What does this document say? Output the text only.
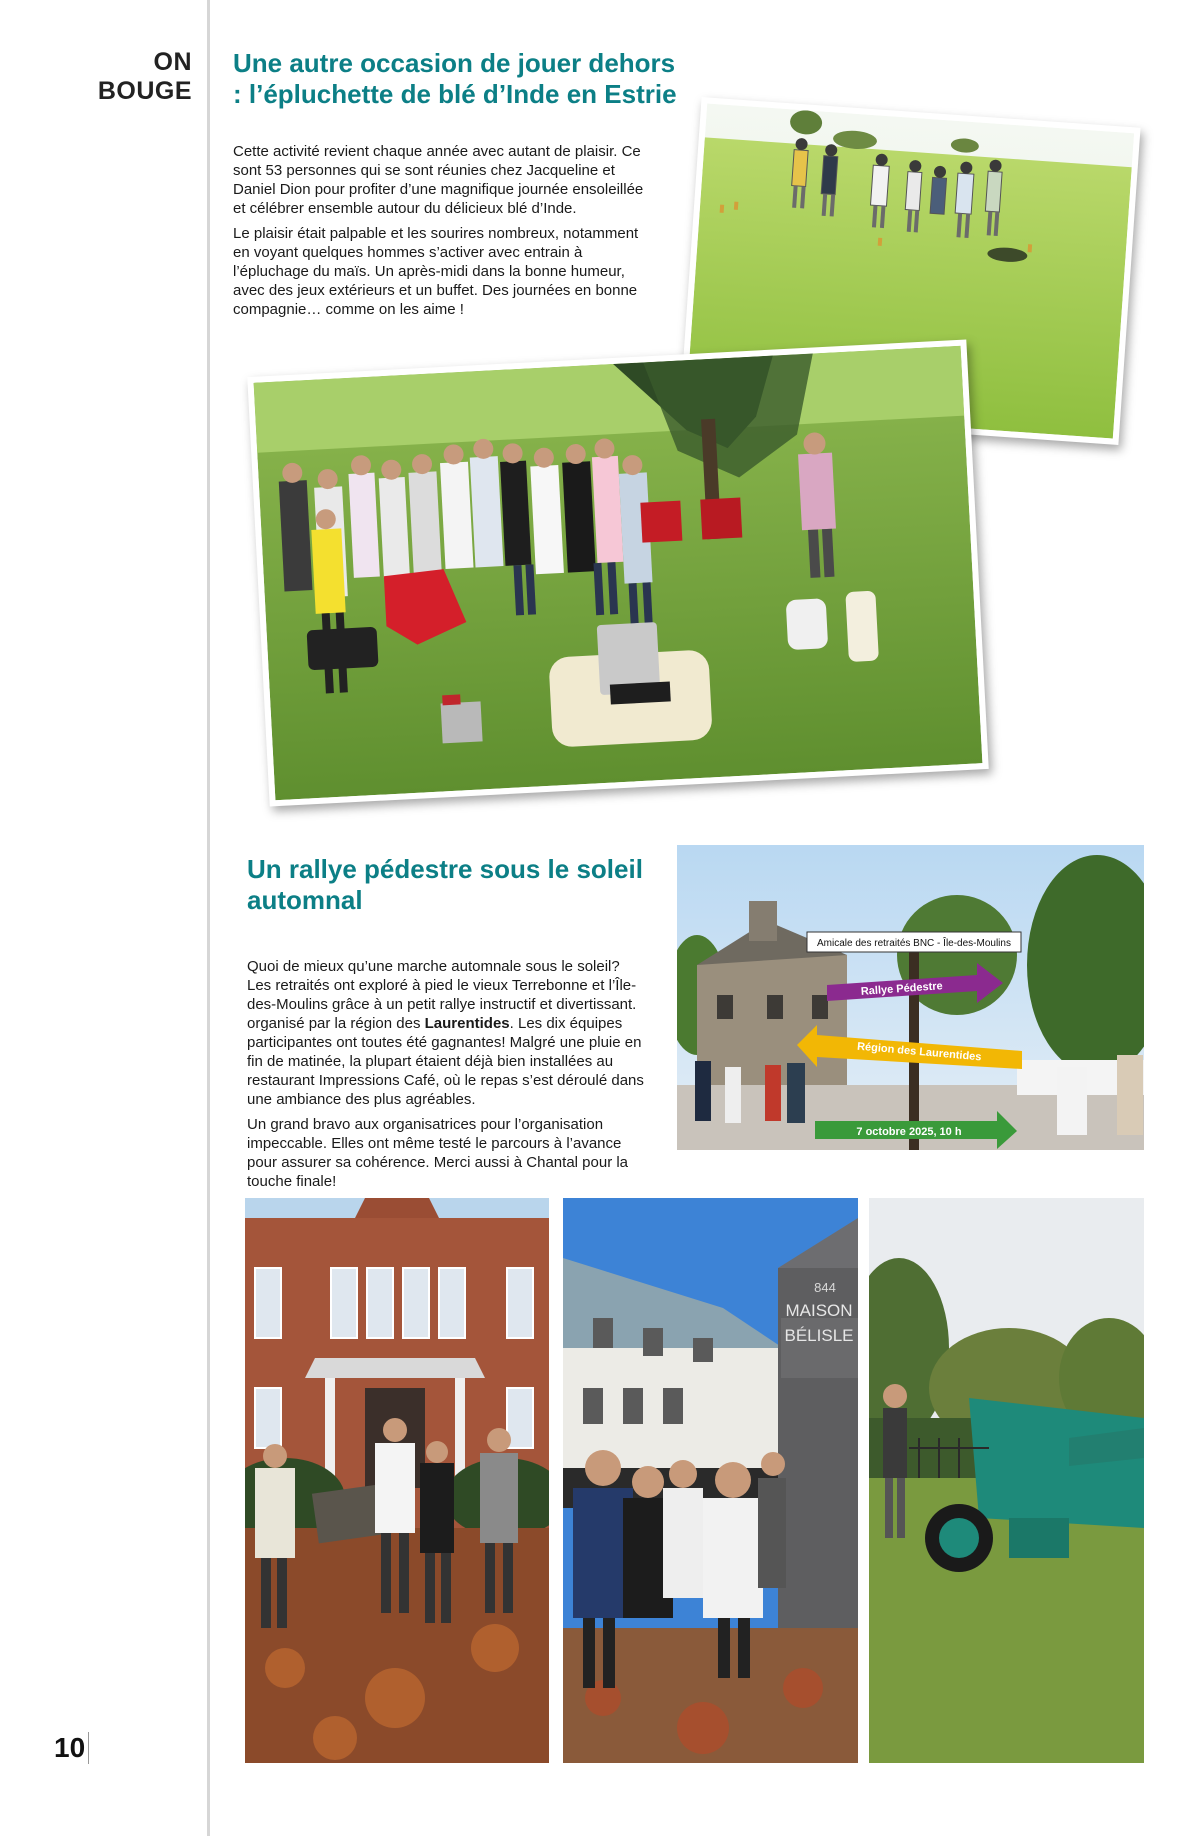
ON
BOUGE
Une autre occasion de jouer dehors : l’épluchette de blé d’Inde en Estrie

Cette activité revient chaque année avec autant de plaisir. Ce sont 53 personnes qui se sont réunies chez Jacqueline et Daniel Dion pour profiter d’une magnifique journée ensoleillée et célébrer ensemble autour du délicieux blé d’Inde.

Le plaisir était palpable et les sourires nombreux, notamment en voyant quelques hommes s’activer avec entrain à l’épluchage du maïs. Un après-midi dans la bonne humeur, avec des jeux extérieurs et un buffet. Des journées en bonne compagnie… comme on les aime !

Un rallye pédestre sous le soleil automnal

Quoi de mieux qu’une marche automnale sous le soleil? Les retraités ont exploré à pied le vieux Terrebonne et l’Île-des-Moulins grâce à un petit rallye instructif et divertissant. organisé par la région des Laurentides. Les dix équipes participantes ont toutes été gagnantes! Malgré une pluie en fin de matinée, la plupart étaient déjà bien installées au restaurant Impressions Café, où le repas s’est déroulé dans une ambiance des plus agréables.

Un grand bravo aux organisatrices pour l’organisation impeccable. Elles ont même testé le parcours à l’avance pour assurer sa cohérence. Merci aussi à Chantal pour la touche finale!

Amicale des retraités BNC - Île-des-Moulins
Rallye Pédestre
Région des Laurentides
7 octobre 2025, 10 h
844
MAISON
BÉLISLE
10
